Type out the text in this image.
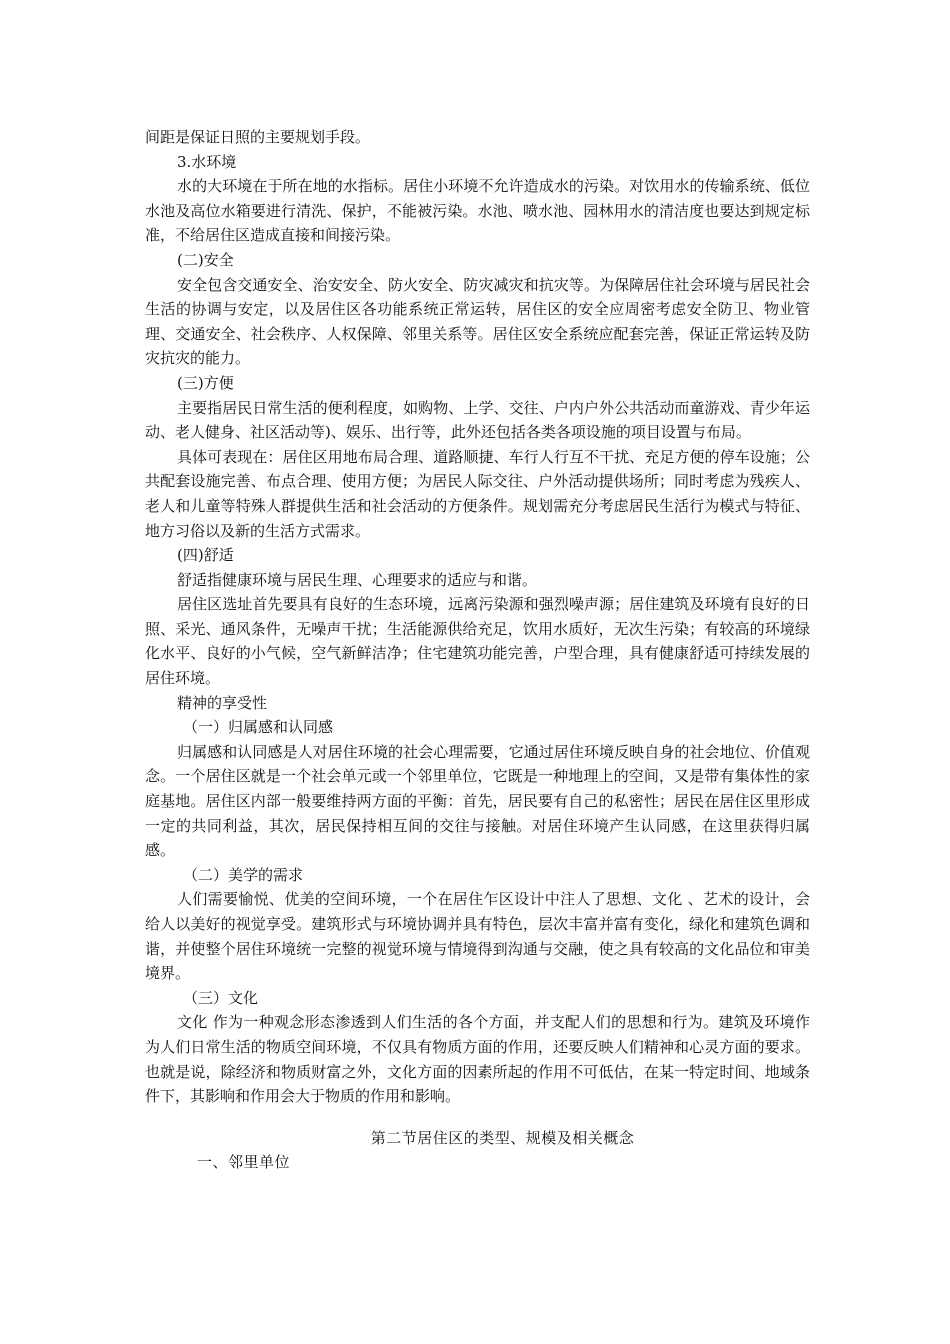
间距是保证日照的主要规划手段。

3.水环境

水的大环境在于所在地的水指标。居住小环境不允许造成水的污染。对饮用水的传输系统、低位水池及高位水箱要进行清洗、保护，不能被污染。水池、喷水池、园林用水的清洁度也要达到规定标准，不给居住区造成直接和间接污染。

(二)安全

安全包含交通安全、治安安全、防火安全、防灾减灾和抗灾等。为保障居住社会环境与居民社会生活的协调与安定，以及居住区各功能系统正常运转，居住区的安全应周密考虑安全防卫、物业管理、交通安全、社会秩序、人权保障、邻里关系等。居住区安全系统应配套完善，保证正常运转及防灾抗灾的能力。

(三)方便

主要指居民日常生活的便利程度，如购物、上学、交往、户内户外公共活动而童游戏、青少年运动、老人健身、社区活动等)、娱乐、出行等，此外还包括各类各项设施的项目设置与布局。

具体可表现在：居住区用地布局合理、道路顺捷、车行人行互不干扰、充足方便的停车设施；公共配套设施完善、布点合理、使用方便；为居民人际交往、户外活动提供场所；同时考虑为残疾人、老人和儿童等特殊人群提供生活和社会活动的方便条件。规划需充分考虑居民生活行为模式与特征、地方习俗以及新的生活方式需求。

(四)舒适

舒适指健康环境与居民生理、心理要求的适应与和谐。

居住区选址首先要具有良好的生态环境，远离污染源和强烈噪声源；居住建筑及环境有良好的日照、采光、通风条件，无噪声干扰；生活能源供给充足，饮用水质好，无次生污染；有较高的环境绿化水平、良好的小气候，空气新鲜洁净；住宅建筑功能完善，户型合理，具有健康舒适可持续发展的居住环境。

精神的享受性

（一）归属感和认同感

归属感和认同感是人对居住环境的社会心理需要，它通过居住环境反映自身的社会地位、价值观念。一个居住区就是一个社会单元或一个邻里单位，它既是一种地理上的空间，又是带有集体性的家庭基地。居住区内部一般要维持两方面的平衡：首先，居民要有自己的私密性；居民在居住区里形成一定的共同利益，其次，居民保持相互间的交往与接触。对居住环境产生认同感，在这里获得归属感。

（二）美学的需求

人们需要愉悦、优美的空间环境，一个在居住乍区设计中注人了思想、文化 、艺术的设计，会给人以美好的视觉享受。建筑形式与环境协调并具有特色，层次丰富并富有变化，绿化和建筑色调和谐，并使整个居住环境统一完整的视觉环境与情境得到沟通与交融，使之具有较高的文化品位和审美境界。

（三）文化

文化 作为一种观念形态渗透到人们生活的各个方面，并支配人们的思想和行为。建筑及环境作为人们日常生活的物质空间环境，不仅具有物质方面的作用，还要反映人们精神和心灵方面的要求。也就是说，除经济和物质财富之外，文化方面的因素所起的作用不可低估，在某一特定时间、地域条件下，其影响和作用会大于物质的作用和影响。

第二节居住区的类型、规模及相关概念

一、邻里单位
